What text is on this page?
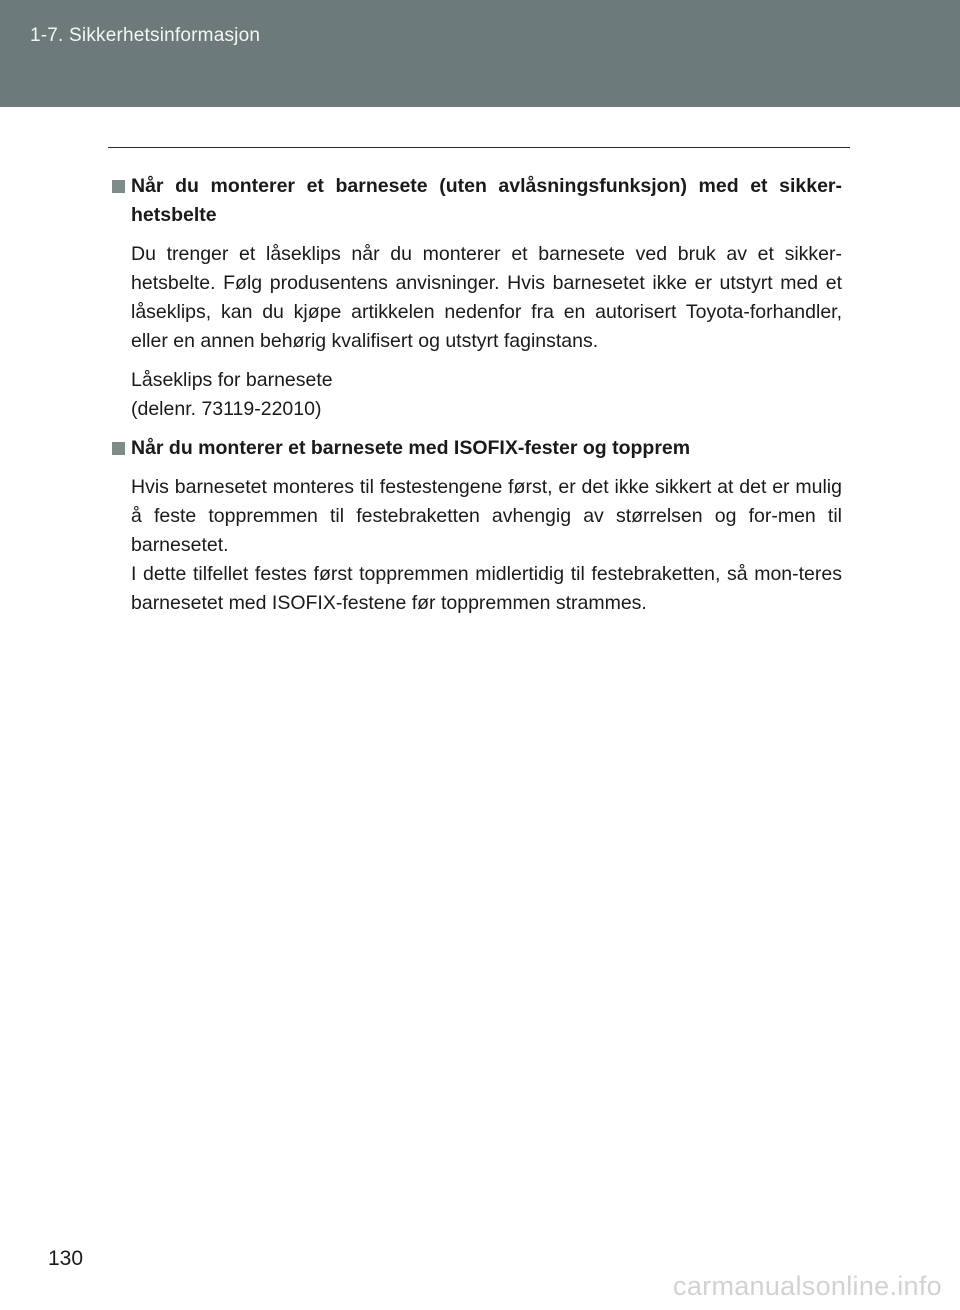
1-7. Sikkerhetsinformasjon
Når du monterer et barnesete (uten avlåsningsfunksjon) med et sikker-hetsbelte
Du trenger et låseklips når du monterer et barnesete ved bruk av et sikker-hetsbelte. Følg produsentens anvisninger. Hvis barnesetet ikke er utstyrt med et låseklips, kan du kjøpe artikkelen nedenfor fra en autorisert Toyota-forhandler, eller en annen behørig kvalifisert og utstyrt faginstans.
Låseklips for barnesete
(delenr. 73119-22010)
Når du monterer et barnesete med ISOFIX-fester og topprem
Hvis barnesetet monteres til festestengene først, er det ikke sikkert at det er mulig å feste toppremmen til festebraketten avhengig av størrelsen og for-men til barnesetet.
I dette tilfellet festes først toppremmen midlertidig til festebraketten, så mon-teres barnesetet med ISOFIX-festene før toppremmen strammes.
130
carmanualsonline.info
